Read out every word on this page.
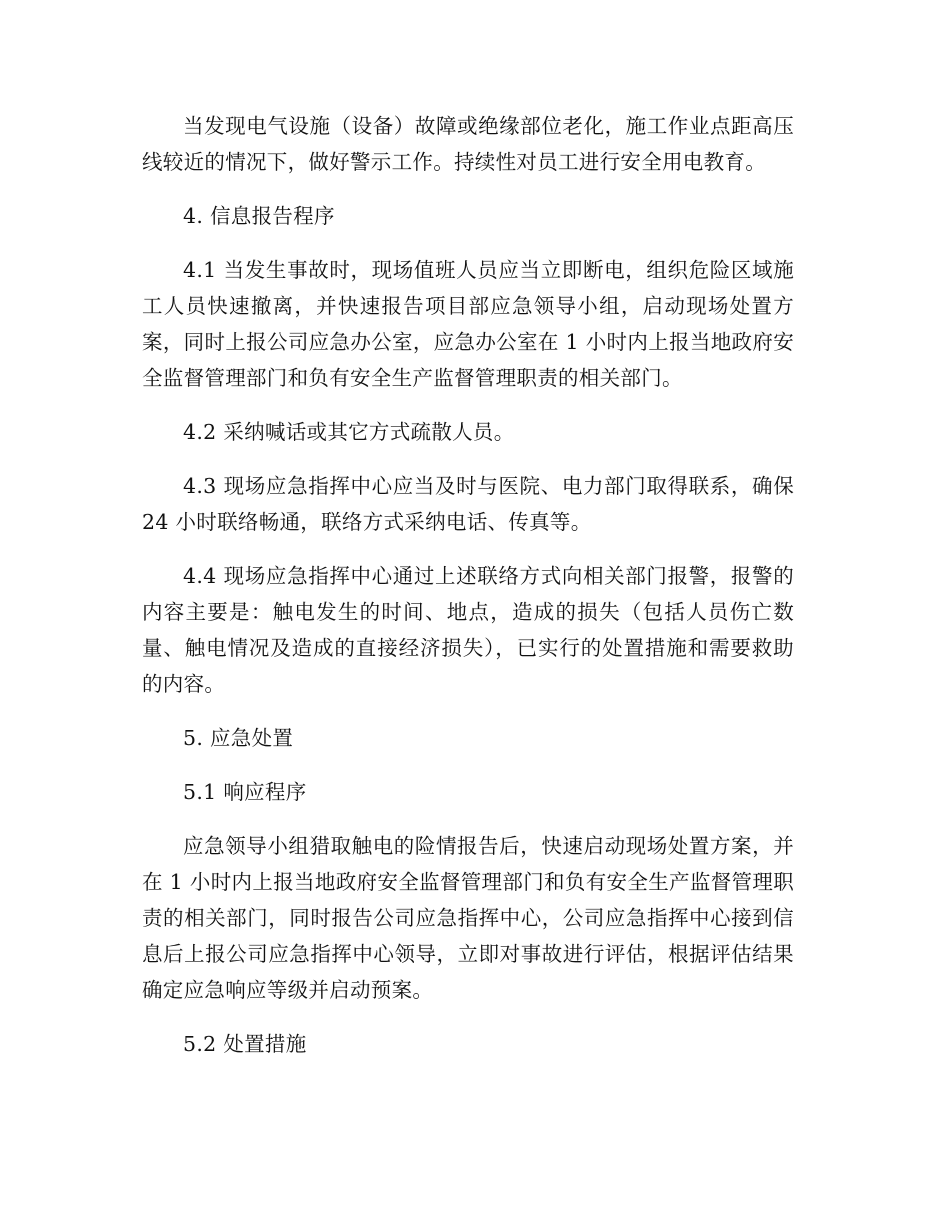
当发现电气设施（设备）故障或绝缘部位老化，施工作业点距高压线较近的情况下，做好警示工作。持续性对员工进行安全用电教育。

4. 信息报告程序

4.1 当发生事故时，现场值班人员应当立即断电，组织危险区域施工人员快速撤离，并快速报告项目部应急领导小组，启动现场处置方案，同时上报公司应急办公室，应急办公室在 1 小时内上报当地政府安全监督管理部门和负有安全生产监督管理职责的相关部门。

4.2 采纳喊话或其它方式疏散人员。

4.3 现场应急指挥中心应当及时与医院、电力部门取得联系，确保 24 小时联络畅通，联络方式采纳电话、传真等。

4.4 现场应急指挥中心通过上述联络方式向相关部门报警，报警的内容主要是：触电发生的时间、地点，造成的损失（包括人员伤亡数量、触电情况及造成的直接经济损失），已实行的处置措施和需要救助的内容。

5. 应急处置

5.1 响应程序

应急领导小组猎取触电的险情报告后，快速启动现场处置方案，并在 1 小时内上报当地政府安全监督管理部门和负有安全生产监督管理职责的相关部门，同时报告公司应急指挥中心，公司应急指挥中心接到信息后上报公司应急指挥中心领导，立即对事故进行评估，根据评估结果确定应急响应等级并启动预案。

5.2 处置措施
